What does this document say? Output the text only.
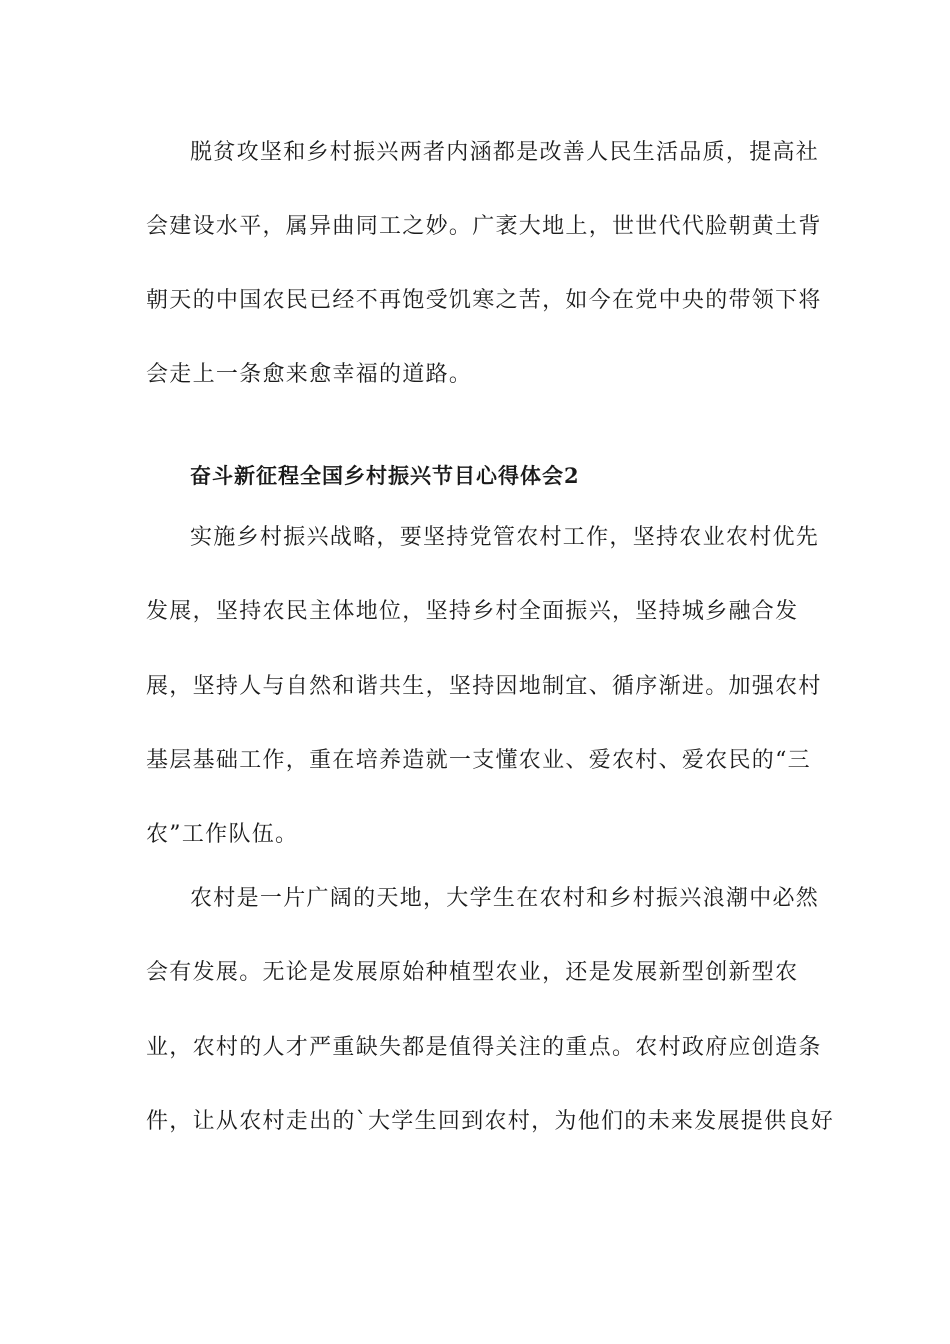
脱贫攻坚和乡村振兴两者内涵都是改善人民生活品质，提高社
会建设水平，属异曲同工之妙。广袤大地上，世世代代脸朝黄土背
朝天的中国农民已经不再饱受饥寒之苦，如今在党中央的带领下将
会走上一条愈来愈幸福的道路。
奋斗新征程全国乡村振兴节目心得体会2
实施乡村振兴战略，要坚持党管农村工作，坚持农业农村优先
发展，坚持农民主体地位，坚持乡村全面振兴，坚持城乡融合发
展，坚持人与自然和谐共生，坚持因地制宜、循序渐进。加强农村
基层基础工作，重在培养造就一支懂农业、爱农村、爱农民的“三
农”工作队伍。
农村是一片广阔的天地，大学生在农村和乡村振兴浪潮中必然
会有发展。无论是发展原始种植型农业，还是发展新型创新型农
业，农村的人才严重缺失都是值得关注的重点。农村政府应创造条
件，让从农村走出的`大学生回到农村，为他们的未来发展提供良好
